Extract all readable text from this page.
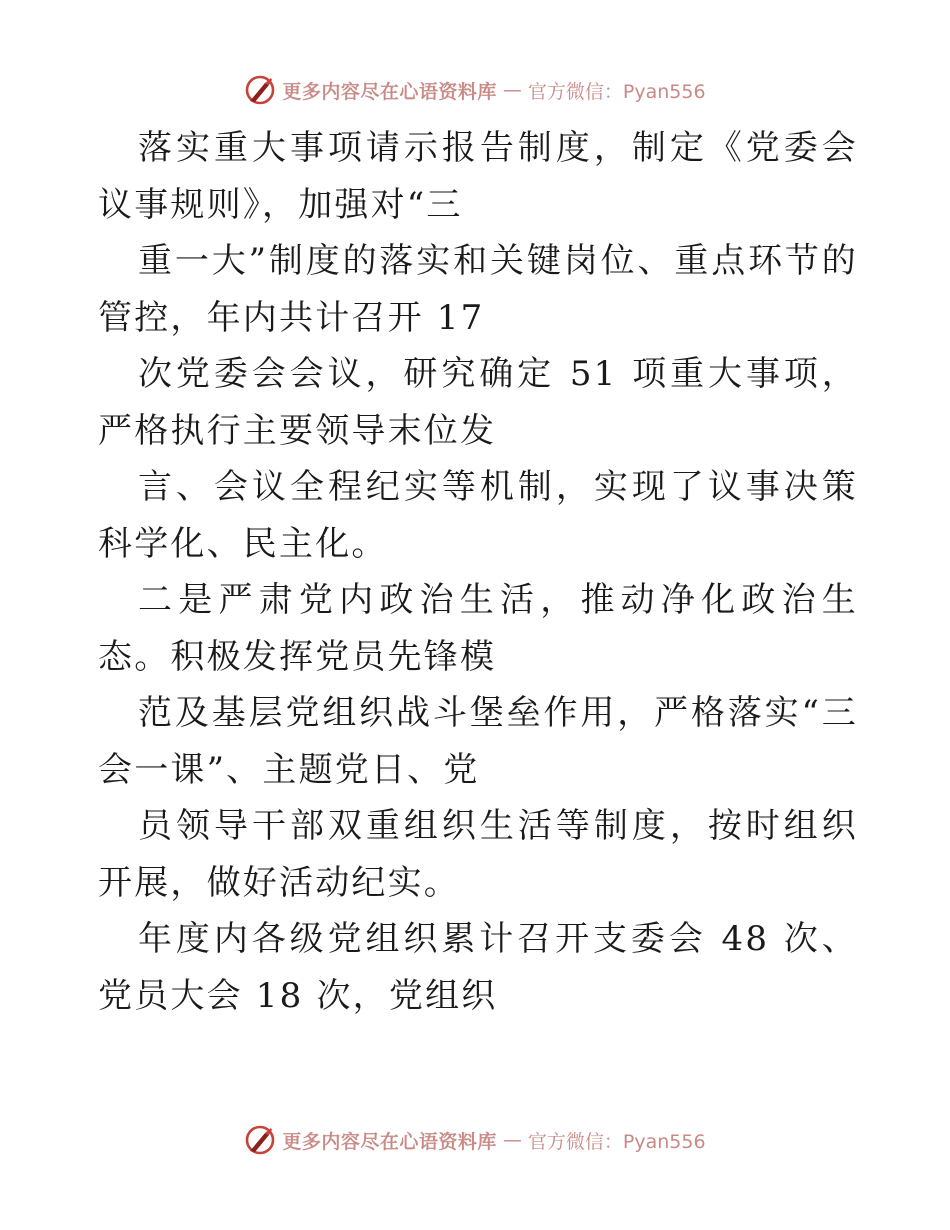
更多内容尽在心语资料库 — 官方微信：Pyan556

落实重大事项请示报告制度，制定《党委会议事规则》，加强对“三

重一大”制度的落实和关键岗位、重点环节的管控，年内共计召开 17

次党委会会议，研究确定 51 项重大事项，严格执行主要领导末位发

言、会议全程纪实等机制，实现了议事决策科学化、民主化。

二是严肃党内政治生活，推动净化政治生态。积极发挥党员先锋模

范及基层党组织战斗堡垒作用，严格落实“三会一课”、主题党日、党

员领导干部双重组织生活等制度，按时组织开展，做好活动纪实。

年度内各级党组织累计召开支委会 48 次、党员大会 18 次，党组织

更多内容尽在心语资料库 — 官方微信：Pyan556
